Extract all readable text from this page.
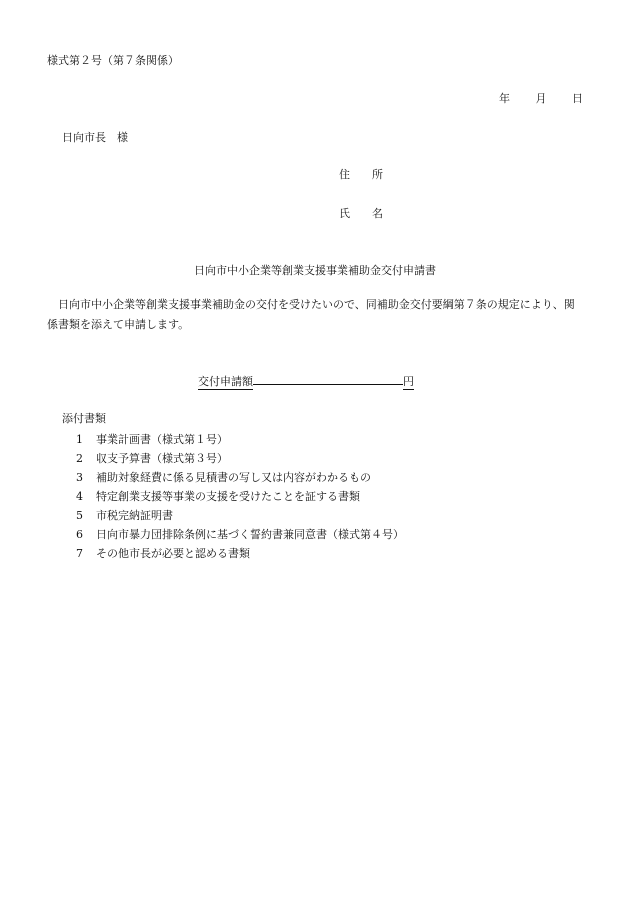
様式第２号（第７条関係）
年 月 日
日向市長　様
住 所
氏 名
日向市中小企業等創業支援事業補助金交付申請書
日向市中小企業等創業支援事業補助金の交付を受けたいので、同補助金交付要綱第７条の規定により、関係書類を添えて申請します。
交付申請額	円
添付書類
1 事業計画書（様式第１号）
2 収支予算書（様式第３号）
3 補助対象経費に係る見積書の写し又は内容がわかるもの
4 特定創業支援等事業の支援を受けたことを証する書類
5 市税完納証明書
6 日向市暴力団排除条例に基づく誓約書兼同意書（様式第４号）
7 その他市長が必要と認める書類
